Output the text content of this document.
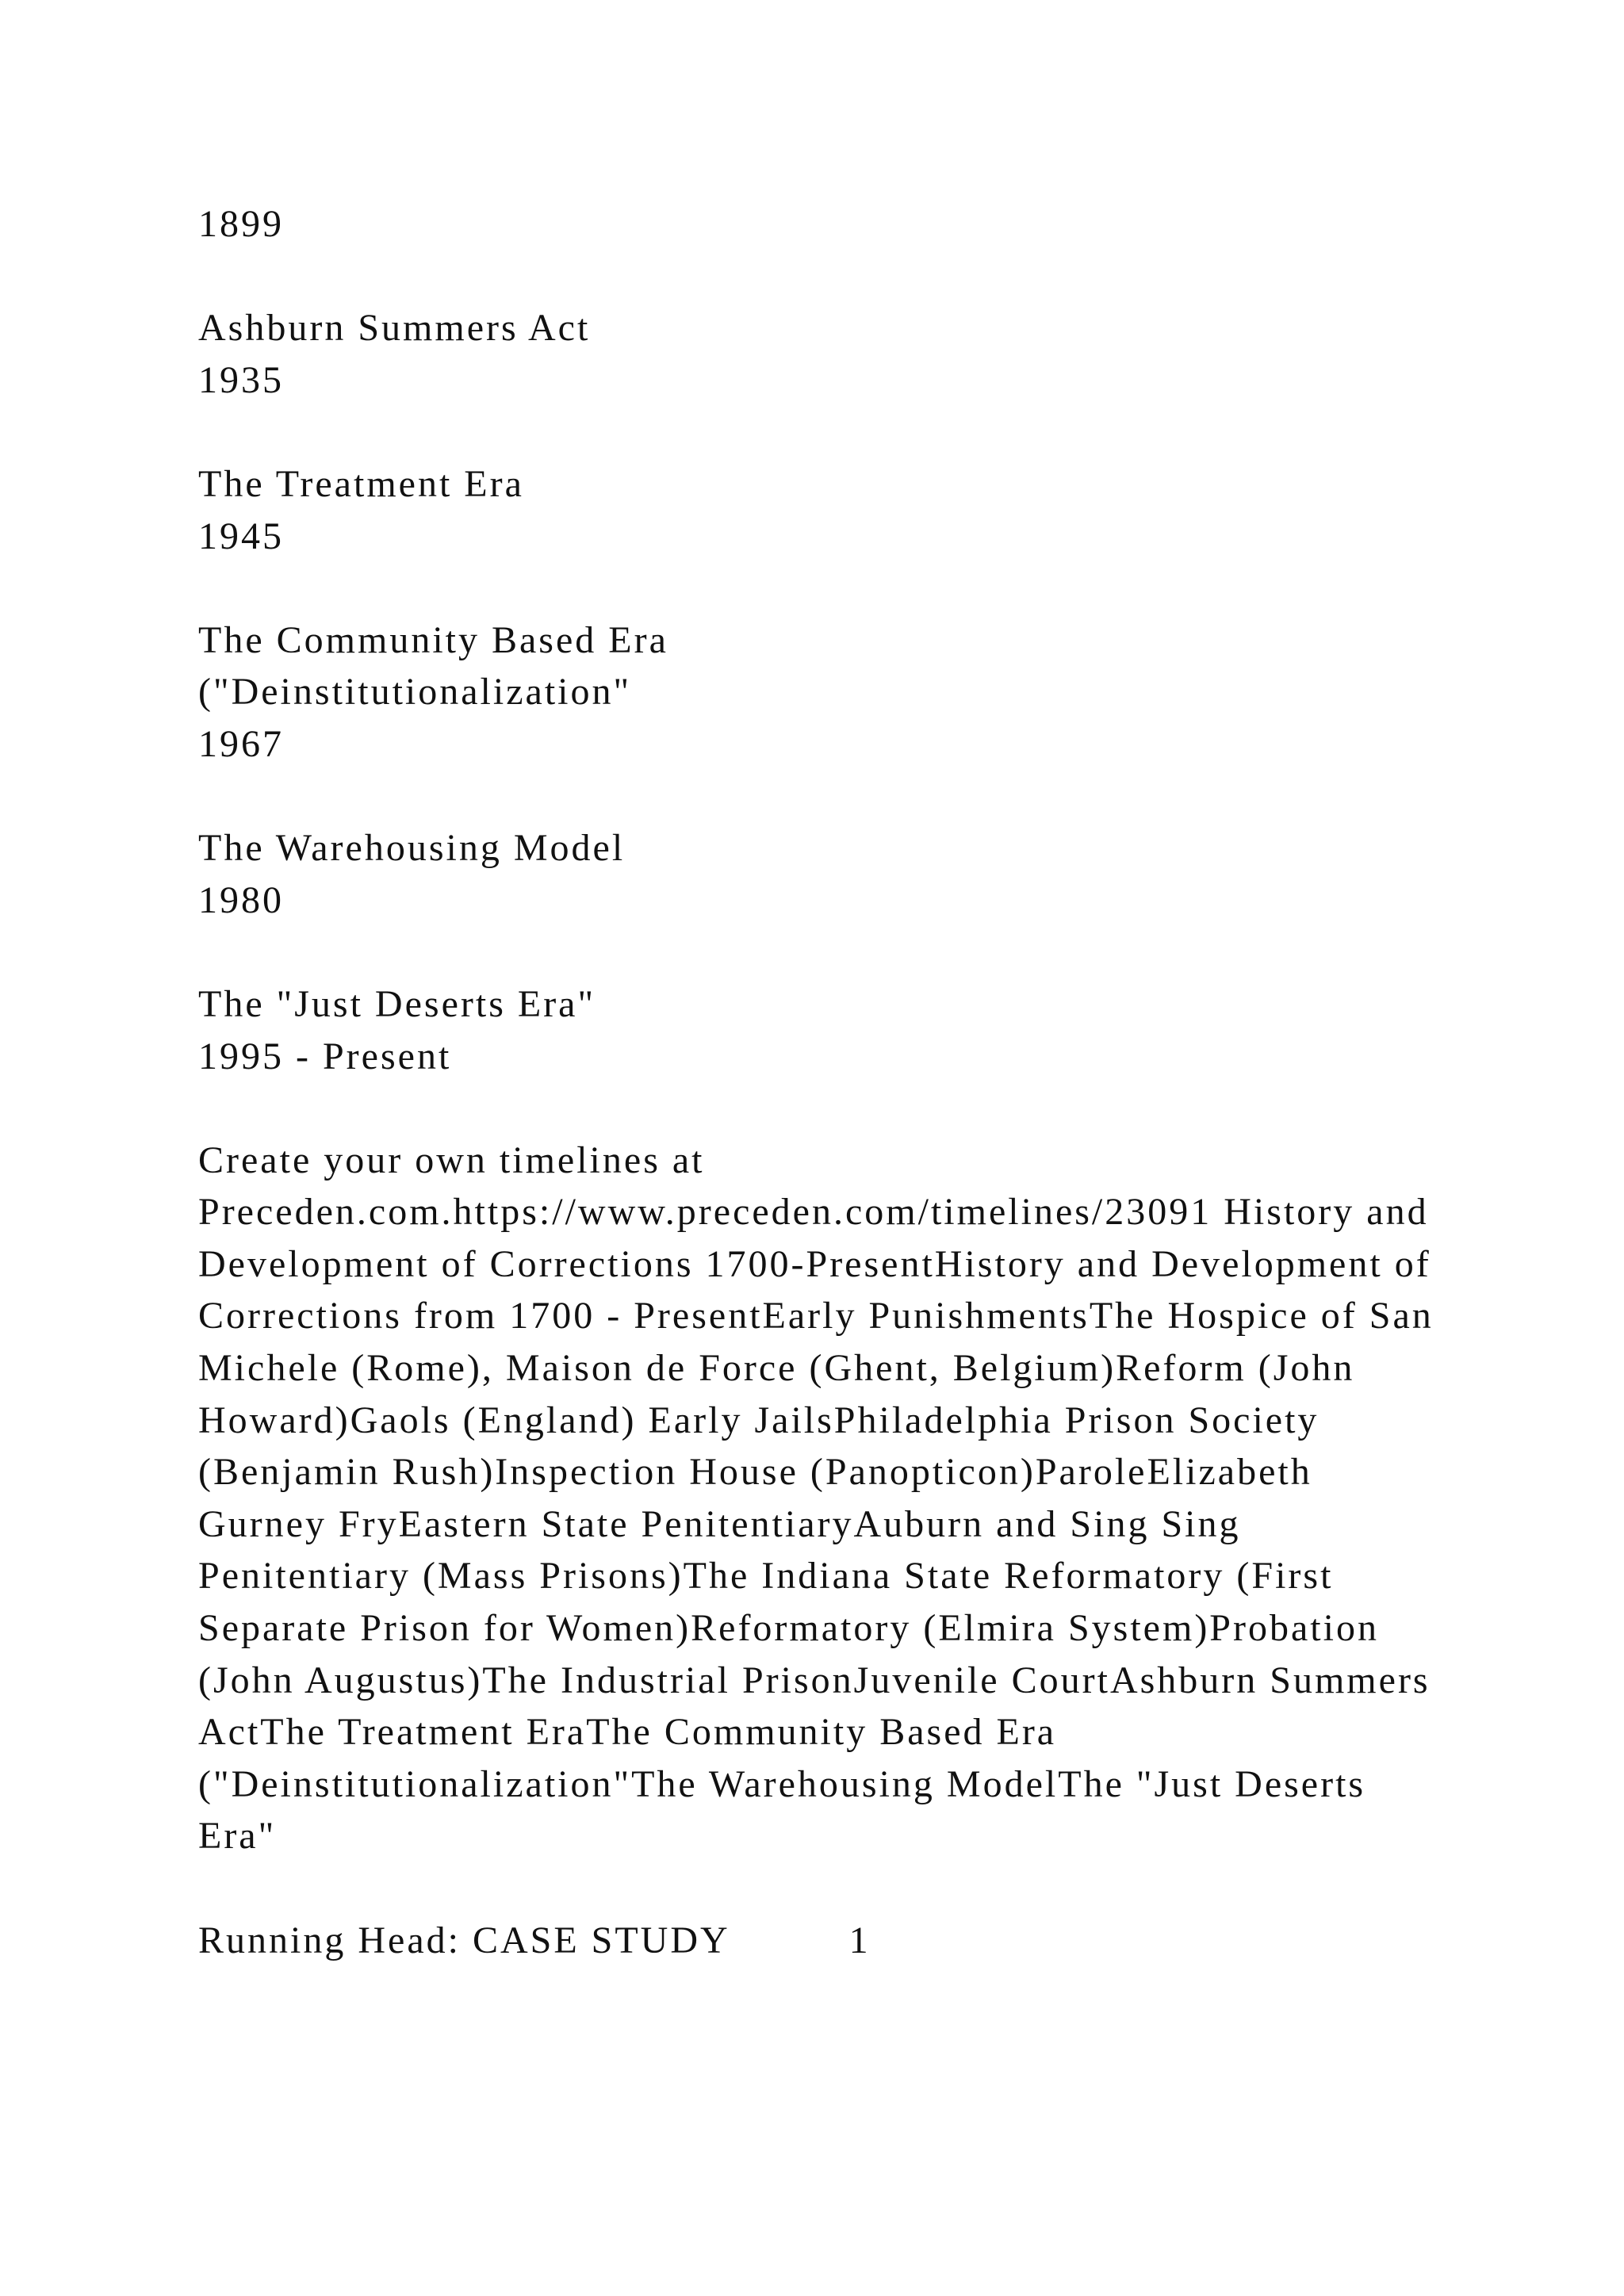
1899
Ashburn Summers Act
1935
The Treatment Era
1945
The Community Based Era
("Deinstitutionalization"
1967
The Warehousing Model
1980
The "Just Deserts Era"
1995 - Present
Create your own timelines at
Preceden.com.https://www.preceden.com/timelines/23091 History and Development of Corrections 1700-PresentHistory and Development of Corrections from 1700 - PresentEarly PunishmentsThe Hospice of San Michele (Rome), Maison de Force (Ghent, Belgium)Reform (John Howard)Gaols (England) Early JailsPhiladelphia Prison Society (Benjamin Rush)Inspection House (Panopticon)ParoleElizabeth Gurney FryEastern State PenitentiaryAuburn and Sing Sing Penitentiary (Mass Prisons)The Indiana State Reformatory (First Separate Prison for Women)Reformatory (Elmira System)Probation (John Augustus)The Industrial PrisonJuvenile CourtAshburn Summers ActThe Treatment EraThe Community Based Era ("Deinstitutionalization"The Warehousing ModelThe "Just Deserts Era"
Running Head: CASE STUDY	1
